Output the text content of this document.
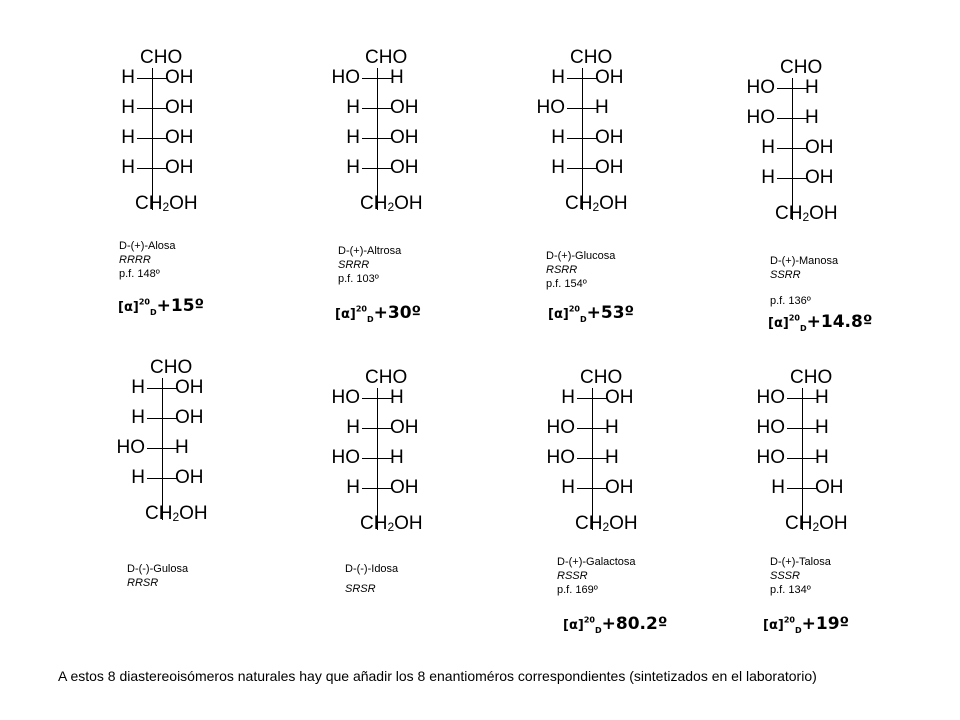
CHO
H OH
H OH
H OH
H OH
$CH_2OH$
D-(+)-Alosa
RRRR
p.f. 148º
$[\alpha]^{20}_D+15º$
CHO
HO H
H OH
H OH
H OH
$CH_2OH$
D-(+)-Altrosa
SRRR
p.f. 103º
$[\alpha]^{20}_D+30º$
CHO
H OH
HO H
H OH
H OH
$CH_2OH$
D-(+)-Glucosa
RSRR
p.f. 154º
$[\alpha]^{20}_D+53º$
CHO
HO H
HO H
H OH
H OH
$CH_2OH$
D-(+)-Manosa
SSRR
p.f. 136º
$[\alpha]^{20}_D+14.8º$
CHO
H OH
H OH
HO H
H OH
$CH_2OH$
D-(-)-Gulosa
RRSR
CHO
HO H
H OH
HO H
H OH
$CH_2OH$
D-(-)-Idosa
SRSR
CHO
H OH
HO H
HO H
H OH
$CH_2OH$
D-(+)-Galactosa
RSSR
p.f. 169º
$[\alpha]^{20}_D+80.2º$
CHO
HO H
HO H
HO H
H OH
$CH_2OH$
D-(+)-Talosa
SSSR
p.f. 134º
$[\alpha]^{20}_D+19º$
A estos 8 diastereoisómeros naturales hay que añadir los 8 enantioméros correspondientes (sintetizados en el laboratorio)
